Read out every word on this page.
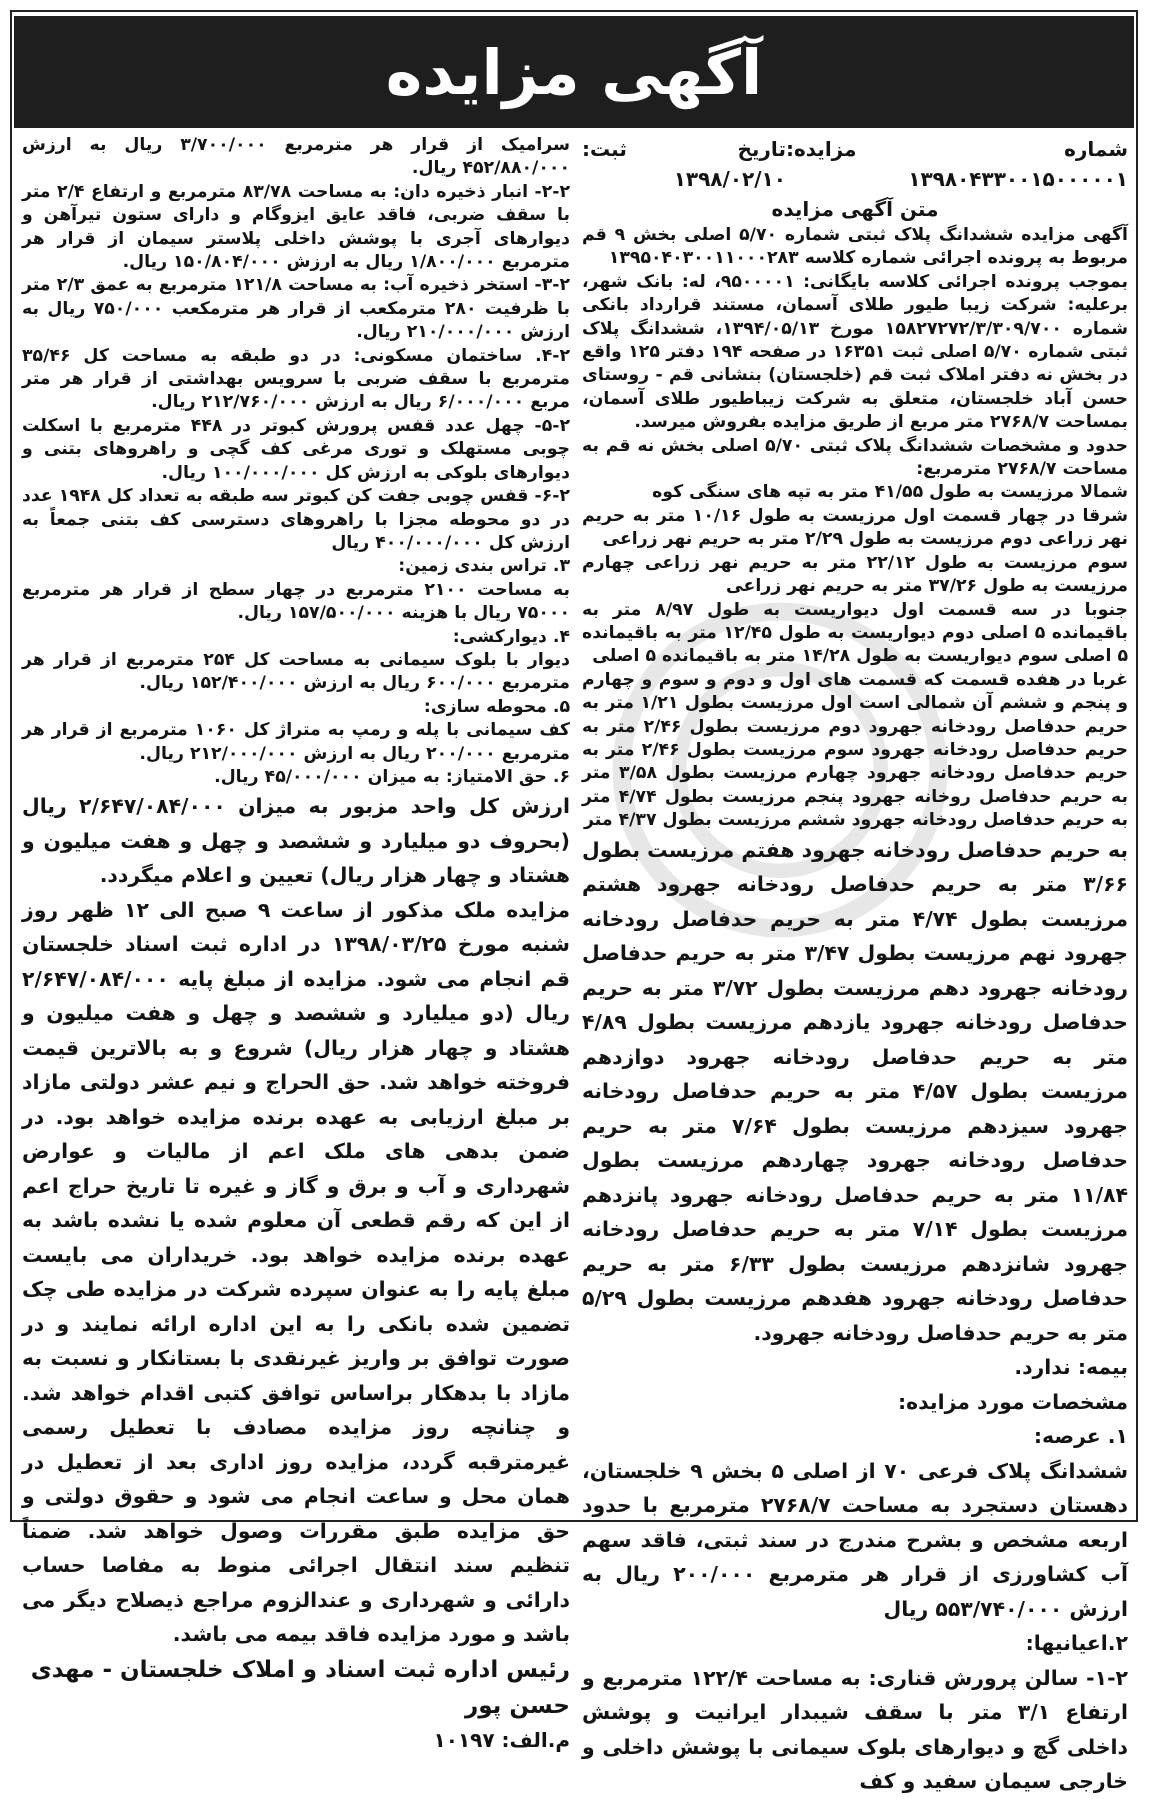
آگهی مزایده
شماره مزایده: ۱۳۹۸۰۴۳۳۰۰۱۵۰۰۰۰۰۱
تاریخ ثبت: ۱۳۹۸/۰۲/۱۰
متن آگهی مزایده

آگهی مزایده ششدانگ پلاک ثبتی شماره ۵/۷۰ اصلی بخش ۹ قم مربوط به پرونده اجرائی شماره کلاسه ۱۳۹۵۰۴۰۳۰۰۱۱۰۰۰۲۸۳

بموجب پرونده اجرائی کلاسه بایگانی: ۹۵۰۰۰۰۱، له: بانک شهر، برعلیه: شرکت زیبا طیور طلای آسمان، مستند قرارداد بانکی شماره ۱۵۸۲۷۲۷۲/۳/۳۰۹/۷۰۰ مورخ ۱۳۹۴/۰۵/۱۳، ششدانگ پلاک ثبتی شماره ۵/۷۰ اصلی ثبت ۱۶۳۵۱ در صفحه ۱۹۴ دفتر ۱۲۵ واقع در بخش نه دفتر املاک ثبت قم (خلجستان) بنشانی قم - روستای حسن آباد خلجستان، متعلق به شرکت زیباطیور طلای آسمان، بمساحت ۲۷۶۸/۷ متر مربع از طریق مزایده بفروش میرسد.

حدود و مشخصات ششدانگ پلاک ثبتی ۵/۷۰ اصلی بخش نه قم به مساحت ۲۷۶۸/۷ مترمربع:

شمالا مرزیست به طول ۴۱/۵۵ متر به تپه های سنگی کوه

شرقا در چهار قسمت اول مرزیست به طول ۱۰/۱۶ متر به حریم نهر زراعی دوم مرزیست به طول ۲/۲۹ متر به حریم نهر زراعی

سوم مرزیست به طول ۲۲/۱۲ متر به حریم نهر زراعی چهارم مرزیست به طول ۳۷/۲۶ متر به حریم نهر زراعی

جنوبا در سه قسمت اول دیواریست به طول ۸/۹۷ متر به باقیمانده ۵ اصلی دوم دیواریست به طول ۱۲/۴۵ متر به باقیمانده ۵ اصلی سوم دیواریست به طول ۱۴/۲۸ متر به باقیمانده ۵ اصلی

غربا در هفده قسمت که قسمت های اول و دوم و سوم و چهارم و پنجم و ششم آن شمالی است اول مرزیست بطول ۱/۲۱ متر به حریم حدفاصل رودخانه جهرود دوم مرزیست بطول ۲/۴۶ متر به حریم حدفاصل رودخانه جهرود سوم مرزیست بطول ۲/۴۶ متر به حریم حدفاصل رودخانه جهرود چهارم مرزیست بطول ۳/۵۸ متر به حریم حدفاصل روخانه جهرود پنجم مرزیست بطول ۴/۷۴ متر به حریم حدفاصل رودخانه جهرود ششم مرزیست بطول ۴/۳۷ متر

به حریم حدفاصل رودخانه جهرود هفتم مرزیست بطول ۳/۶۶ متر به حریم حدفاصل رودخانه جهرود هشتم مرزیست بطول ۴/۷۴ متر به حریم حدفاصل رودخانه جهرود نهم مرزیست بطول ۳/۴۷ متر به حریم حدفاصل رودخانه جهرود دهم مرزیست بطول ۳/۷۲ متر به حریم حدفاصل رودخانه جهرود یازدهم مرزیست بطول ۴/۸۹ متر به حریم حدفاصل رودخانه جهرود دوازدهم مرزیست بطول ۴/۵۷ متر به حریم حدفاصل رودخانه جهرود سیزدهم مرزیست بطول ۷/۶۴ متر به حریم حدفاصل رودخانه جهرود چهاردهم مرزیست بطول ۱۱/۸۴ متر به حریم حدفاصل رودخانه جهرود پانزدهم مرزیست بطول ۷/۱۴ متر به حریم حدفاصل رودخانه جهرود شانزدهم مرزیست بطول ۶/۳۳ متر به حریم حدفاصل رودخانه جهرود هفدهم مرزیست بطول ۵/۲۹ متر به حریم حدفاصل رودخانه جهرود.

بیمه: ندارد.

مشخصات مورد مزایده:

۱. عرصه:

ششدانگ پلاک فرعی ۷۰ از اصلی ۵ بخش ۹ خلجستان، دهستان دستجرد به مساحت ۲۷۶۸/۷ مترمربع با حدود اربعه مشخص و بشرح مندرج در سند ثبتی، فاقد سهم آب کشاورزی از قرار هر مترمربع ۲۰۰/۰۰۰ ریال به ارزش ۵۵۳/۷۴۰/۰۰۰ ریال

۲.اعیانیها:

۱-۲- سالن پرورش قناری: به مساحت ۱۲۲/۴ مترمربع و ارتفاع ۳/۱ متر با سقف شیبدار ایرانیت و پوشش داخلی گچ و دیوارهای بلوک سیمانی با پوشش داخلی و خارجی سیمان سفید و کف

سرامیک از قرار هر مترمربع ۳/۷۰۰/۰۰۰ ریال به ارزش ۴۵۲/۸۸۰/۰۰۰ ریال.

۲-۲- انبار ذخیره دان: به مساحت ۸۳/۷۸ مترمربع و ارتفاع ۲/۴ متر با سقف ضربی، فاقد عایق ایزوگام و دارای ستون تیرآهن و دیوارهای آجری با پوشش داخلی پلاستر سیمان از قرار هر مترمربع ۱/۸۰۰/۰۰۰ ریال به ارزش ۱۵۰/۸۰۴/۰۰۰ ریال.

۳-۲- استخر ذخیره آب: به مساحت ۱۲۱/۸ مترمربع به عمق ۲/۳ متر با ظرفیت ۲۸۰ مترمکعب از قرار هر مترمکعب ۷۵۰/۰۰۰ ریال به ارزش ۲۱۰/۰۰۰/۰۰۰ ریال.

۴-۲. ساختمان مسکونی: در دو طبقه به مساحت کل ۳۵/۴۶ مترمربع با سقف ضربی با سرویس بهداشتی از قرار هر متر مربع ۶/۰۰۰/۰۰۰ ریال به ارزش ۲۱۲/۷۶۰/۰۰۰ ریال.

۵-۲- چهل عدد قفس پرورش کبوتر در ۴۴۸ مترمربع با اسکلت چوبی مستهلک و توری مرغی کف گچی و راهروهای بتنی و دیوارهای بلوکی به ارزش کل ۱۰۰/۰۰۰/۰۰۰ ریال.

۶-۲- قفس چوبی جفت کن کبوتر سه طبقه به تعداد کل ۱۹۴۸ عدد در دو محوطه مجزا با راهروهای دسترسی کف بتنی جمعاً به ارزش کل ۴۰۰/۰۰۰/۰۰۰ ریال

۳. تراس بندی زمین:

به مساحت ۲۱۰۰ مترمربع در چهار سطح از قرار هر مترمربع ۷۵۰۰۰ ریال با هزینه ۱۵۷/۵۰۰/۰۰۰ ریال.

۴. دیوارکشی:

دیوار با بلوک سیمانی به مساحت کل ۲۵۴ مترمربع از قرار هر مترمربع ۶۰۰/۰۰۰ ریال به ارزش ۱۵۲/۴۰۰/۰۰۰ ریال.

۵. محوطه سازی:

کف سیمانی با پله و رمپ به متراژ کل ۱۰۶۰ مترمربع از قرار هر مترمربع ۲۰۰/۰۰۰ ریال به ارزش ۲۱۲/۰۰۰/۰۰۰ ریال.

۶. حق الامتیاز: به میزان ۴۵/۰۰۰/۰۰۰ ریال.

ارزش کل واحد مزبور به میزان ۲/۶۴۷/۰۸۴/۰۰۰ ریال (بحروف دو میلیارد و ششصد و چهل و هفت میلیون و هشتاد و چهار هزار ریال) تعیین و اعلام میگردد.

مزایده ملک مذکور از ساعت ۹ صبح الی ۱۲ ظهر روز شنبه مورخ ۱۳۹۸/۰۳/۲۵ در اداره ثبت اسناد خلجستان قم انجام می شود. مزایده از مبلغ پایه ۲/۶۴۷/۰۸۴/۰۰۰ ریال (دو میلیارد و ششصد و چهل و هفت میلیون و هشتاد و چهار هزار ریال) شروع و به بالاترین قیمت فروخته خواهد شد. حق الحراج و نیم عشر دولتی مازاد بر مبلغ ارزیابی به عهده برنده مزایده خواهد بود. در ضمن بدهی های ملک اعم از مالیات و عوارض شهرداری و آب و برق و گاز و غیره تا تاریخ حراج اعم از این که رقم قطعی آن معلوم شده یا نشده باشد به عهده برنده مزایده خواهد بود. خریداران می بایست مبلغ پایه را به عنوان سپرده شرکت در مزایده طی چک تضمین شده بانکی را به این اداره ارائه نمایند و در صورت توافق بر واریز غیرنقدی با بستانکار و نسبت به مازاد با بدهکار براساس توافق کتبی اقدام خواهد شد. و چنانچه روز مزایده مصادف با تعطیل رسمی غیرمترقبه گردد، مزایده روز اداری بعد از تعطیل در همان محل و ساعت انجام می شود و حقوق دولتی و حق مزایده طبق مقررات وصول خواهد شد. ضمناً تنظیم سند انتقال اجرائی منوط به مفاصا حساب دارائی و شهرداری و عندالزوم مراجع ذیصلاح دیگر می باشد و مورد مزایده فاقد بیمه می باشد.

رئیس اداره ثبت اسناد و املاک خلجستان - مهدی حسن پور

م.الف: ۱۰۱۹۷
